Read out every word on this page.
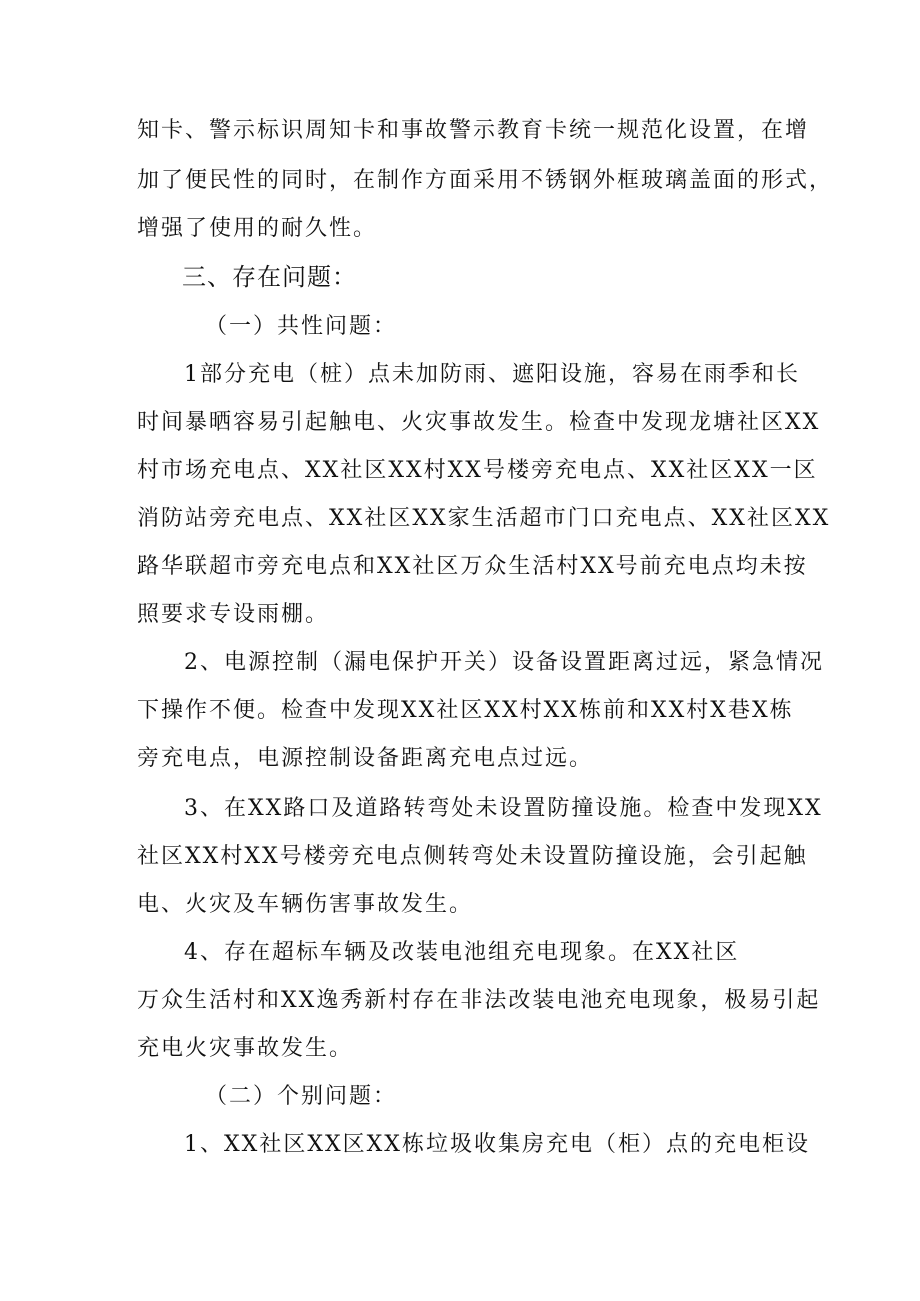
知卡、警示标识周知卡和事故警示教育卡统一规范化设置，在增
加了便民性的同时，在制作方面采用不锈钢外框玻璃盖面的形式，
增强了使用的耐久性。
三、存在问题：
（一）共性问题：
1部分充电（桩）点未加防雨、遮阳设施，容易在雨季和长
时间暴晒容易引起触电、火灾事故发生。检查中发现龙塘社区XX
村市场充电点、XX社区XX村XX号楼旁充电点、XX社区XX一区
消防站旁充电点、XX社区XX家生活超市门口充电点、XX社区XX
路华联超市旁充电点和XX社区万众生活村XX号前充电点均未按
照要求专设雨棚。
2、电源控制（漏电保护开关）设备设置距离过远，紧急情况
下操作不便。检查中发现XX社区XX村XX栋前和XX村X巷X栋
旁充电点，电源控制设备距离充电点过远。
3、在XX路口及道路转弯处未设置防撞设施。检查中发现XX
社区XX村XX号楼旁充电点侧转弯处未设置防撞设施，会引起触
电、火灾及车辆伤害事故发生。
4、存在超标车辆及改装电池组充电现象。在XX社区
万众生活村和XX逸秀新村存在非法改装电池充电现象，极易引起
充电火灾事故发生。
（二）个别问题：
1、XX社区XX区XX栋垃圾收集房充电（柜）点的充电柜设
